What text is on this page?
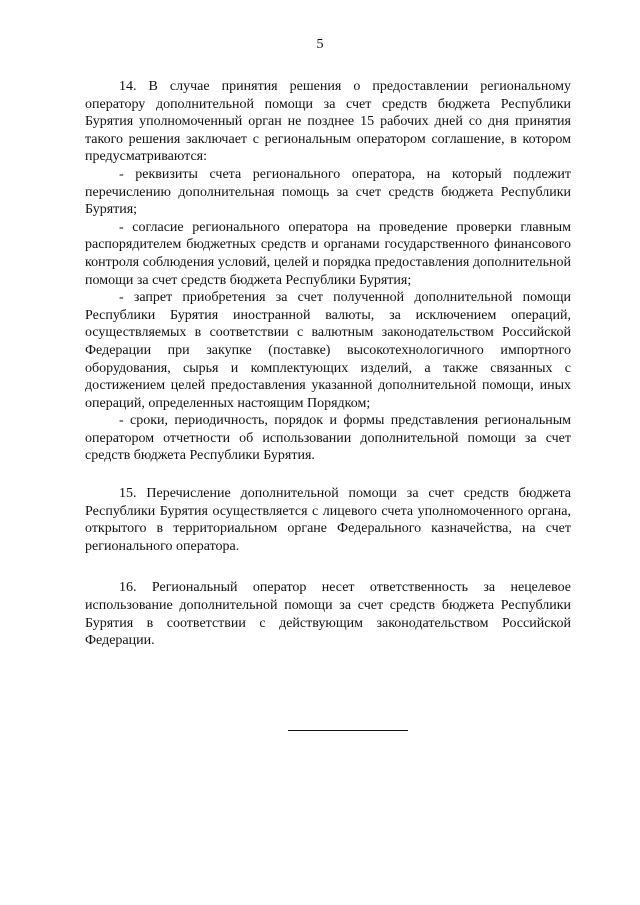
5

14. В случае принятия решения о предоставлении региональному оператору дополнительной помощи за счет средств бюджета Республики Бурятия уполномоченный орган не позднее 15 рабочих дней со дня принятия такого решения заключает с региональным оператором соглашение, в котором предусматриваются:

- реквизиты счета регионального оператора, на который подлежит перечислению дополнительная помощь за счет средств бюджета Республики Бурятия;

- согласие регионального оператора на проведение проверки главным распорядителем бюджетных средств и органами государственного финансового контроля соблюдения условий, целей и порядка предоставления дополнительной помощи за счет средств бюджета Республики Бурятия;

- запрет приобретения за счет полученной дополнительной помощи Республики Бурятия иностранной валюты, за исключением операций, осуществляемых в соответствии с валютным законодательством Российской Федерации при закупке (поставке) высокотехнологичного импортного оборудования, сырья и комплектующих изделий, а также связанных с достижением целей предоставления указанной дополнительной помощи, иных операций, определенных настоящим Порядком;

- сроки, периодичность, порядок и формы представления региональным оператором отчетности об использовании дополнительной помощи за счет средств бюджета Республики Бурятия.

15. Перечисление дополнительной помощи за счет средств бюджета Республики Бурятия осуществляется с лицевого счета уполномоченного органа, открытого в территориальном органе Федерального казначейства, на счет регионального оператора.

16. Региональный оператор несет ответственность за нецелевое использование дополнительной помощи за счет средств бюджета Республики Бурятия в соответствии с действующим законодательством Российской Федерации.
